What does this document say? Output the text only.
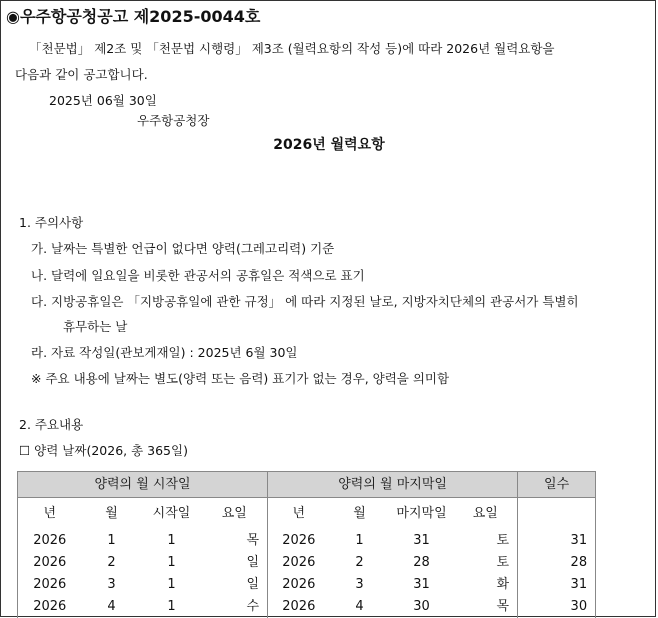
◉우주항공청공고 제2025-0044호
「천문법」 제2조 및 「천문법 시행령」 제3조 (월력요항의 작성 등)에 따라 2026년 월력요항을
다음과 같이 공고합니다.
2025년 06월 30일
우주항공청장
2026년 월력요항
1. 주의사항
가. 날짜는 특별한 언급이 없다면 양력(그레고리력) 기준
나. 달력에 일요일을 비롯한 관공서의 공휴일은 적색으로 표기
다. 지방공휴일은 「지방공휴일에 관한 규정」 에 따라 지정된 날로, 지방자치단체의 관공서가 특별히
휴무하는 날
라. 자료 작성일(관보게재일) : 2025년 6월 30일
※ 주요 내용에 날짜는 별도(양력 또는 음력) 표기가 없는 경우, 양력을 의미함
2. 주요내용
☐ 양력 날짜(2026, 총 365일)
양력의 월 시작일				양력의 월 마지막일				일수
년	월	시작일	요일	년	월	마지막일	요일	
2026	1	1	목	2026	1	31	토	31
2026	2	1	일	2026	2	28	토	28
2026	3	1	일	2026	3	31	화	31
2026	4	1	수	2026	4	30	목	30
